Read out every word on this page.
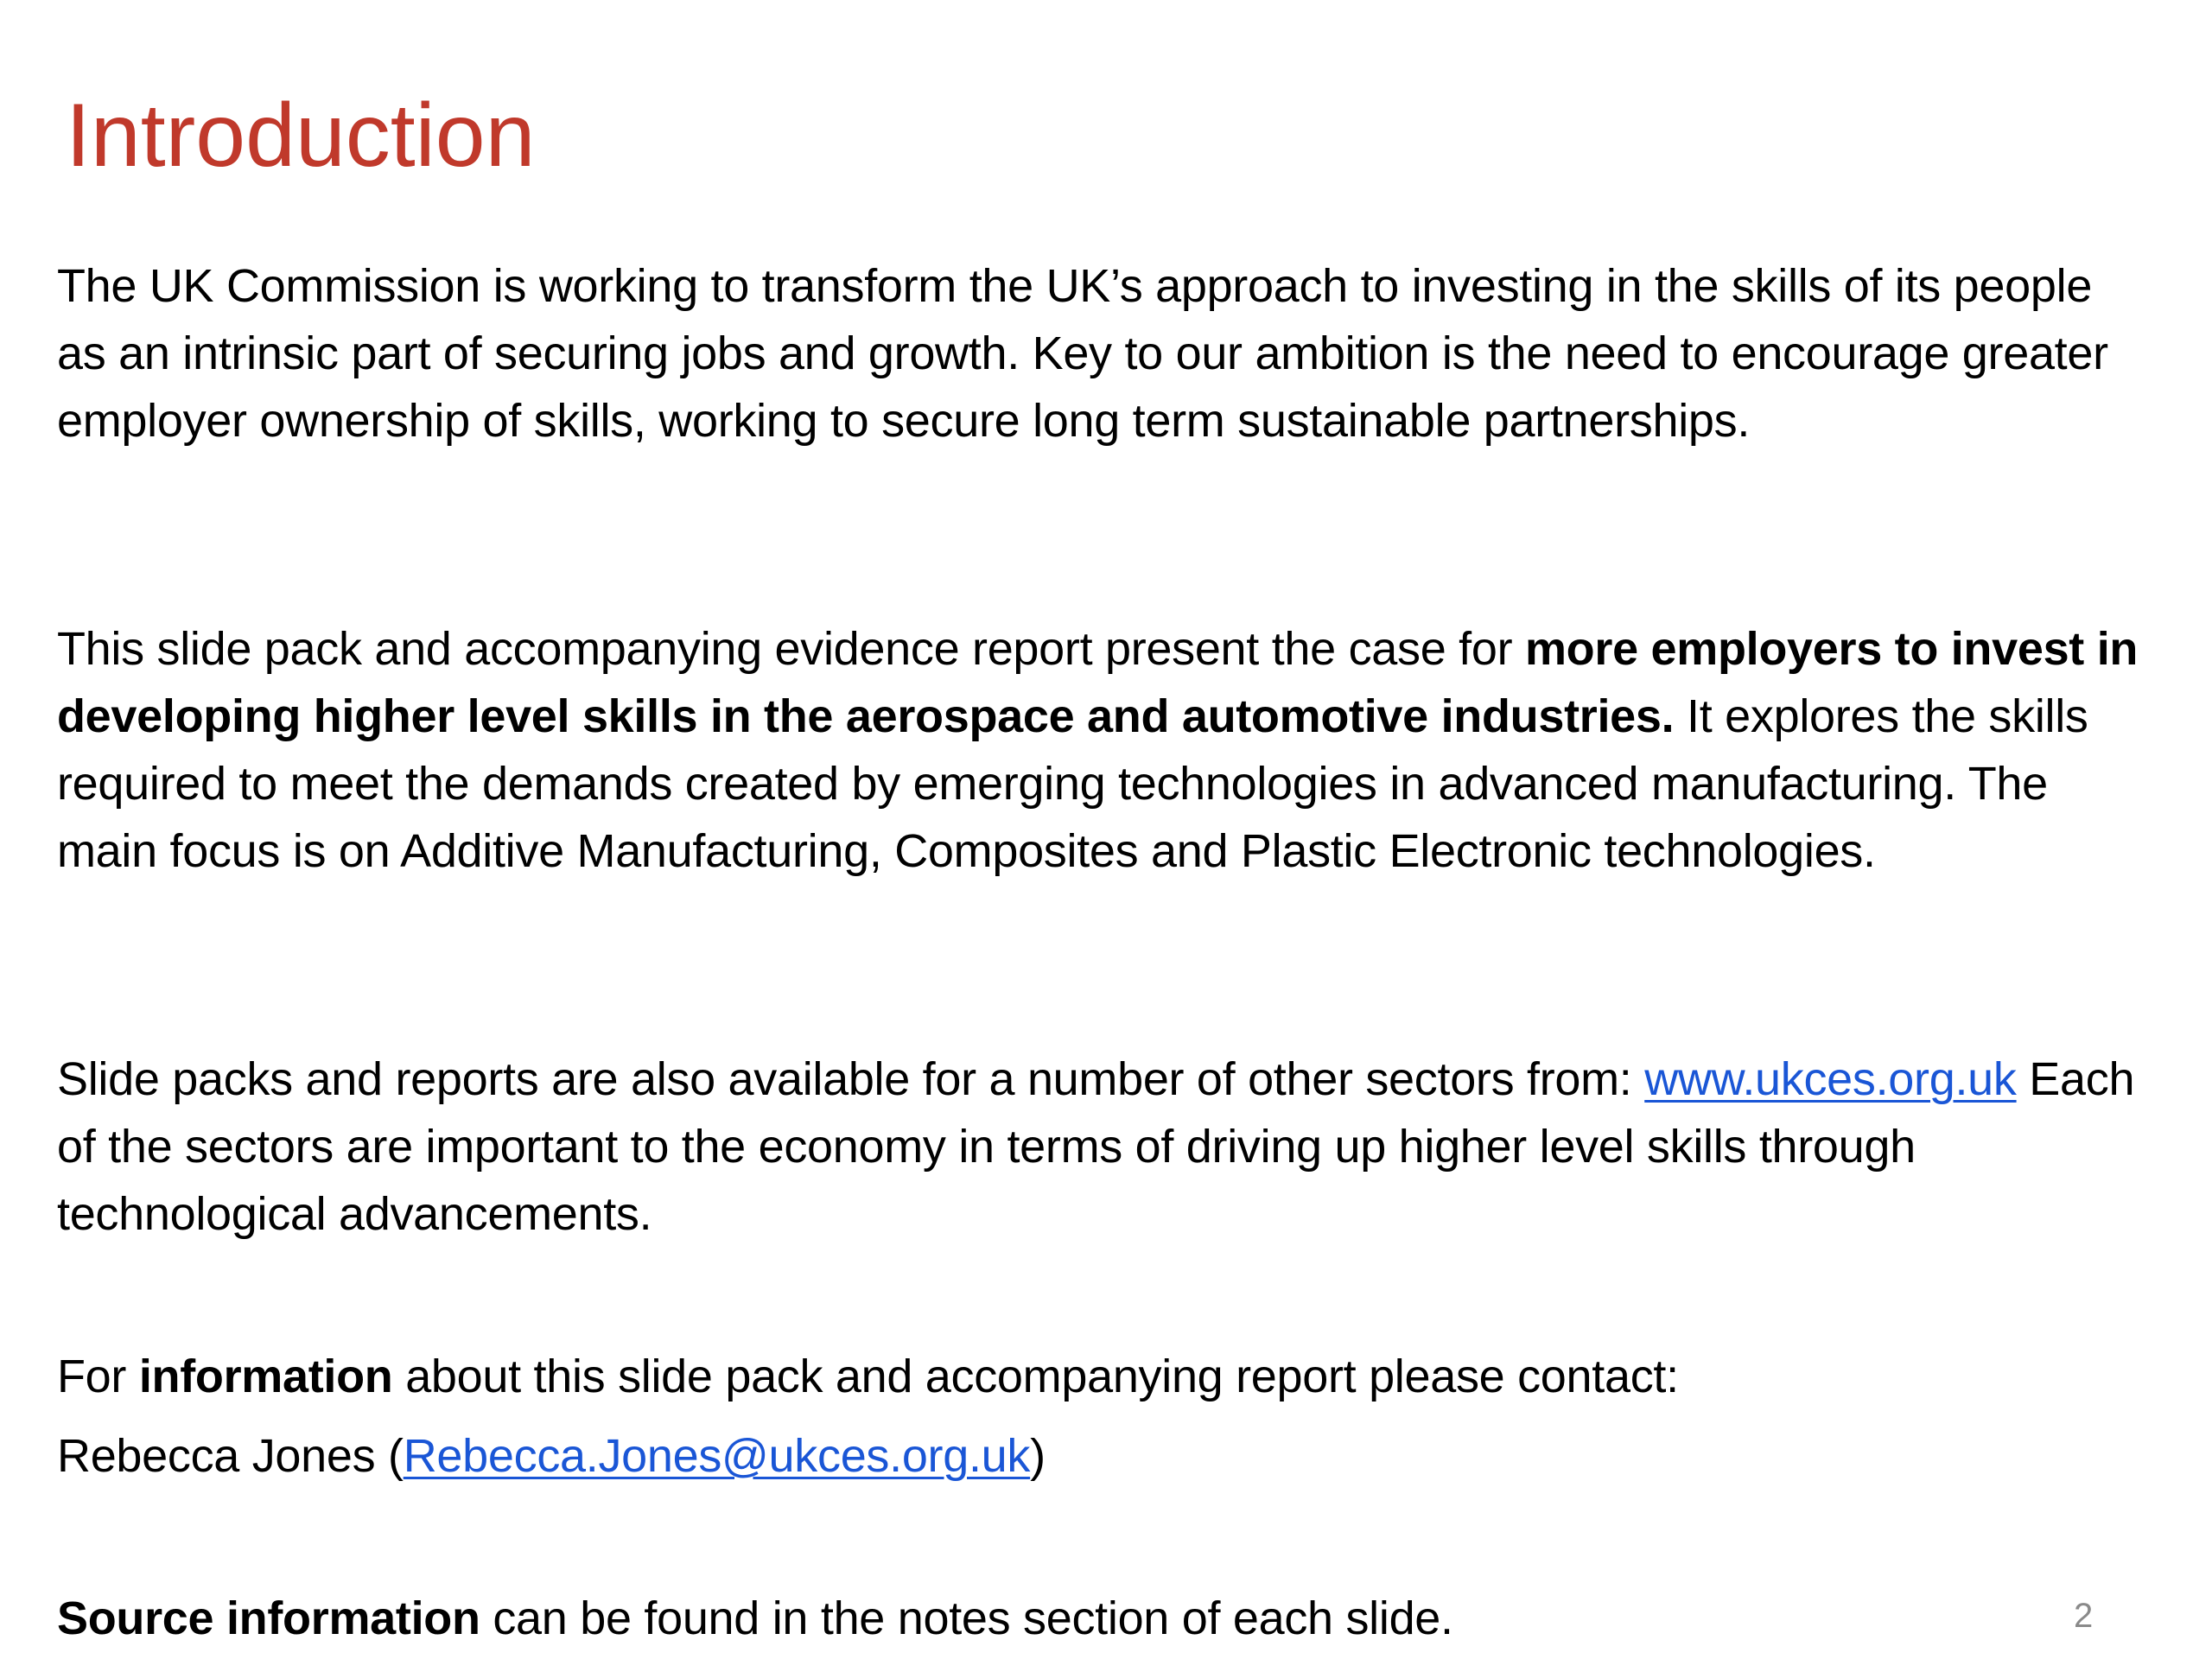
Introduction

The UK Commission is working to transform the UK’s approach to investing in the skills of its people as an intrinsic part of securing jobs and growth. Key to our ambition is the need to encourage greater employer ownership of skills, working to secure long term sustainable partnerships.

This slide pack and accompanying evidence report present the case for more employers to invest in developing higher level skills in the aerospace and automotive industries. It explores the skills required to meet the demands created by emerging technologies in advanced manufacturing. The main focus is on Additive Manufacturing, Composites and Plastic Electronic technologies.

Slide packs and reports are also available for a number of other sectors from: www.ukces.org.uk Each of the sectors are important to the economy in terms of driving up higher level skills through technological advancements.

For information about this slide pack and accompanying report please contact:

Rebecca Jones (Rebecca.Jones@ukces.org.uk)

Source information can be found in the notes section of each slide.	2
